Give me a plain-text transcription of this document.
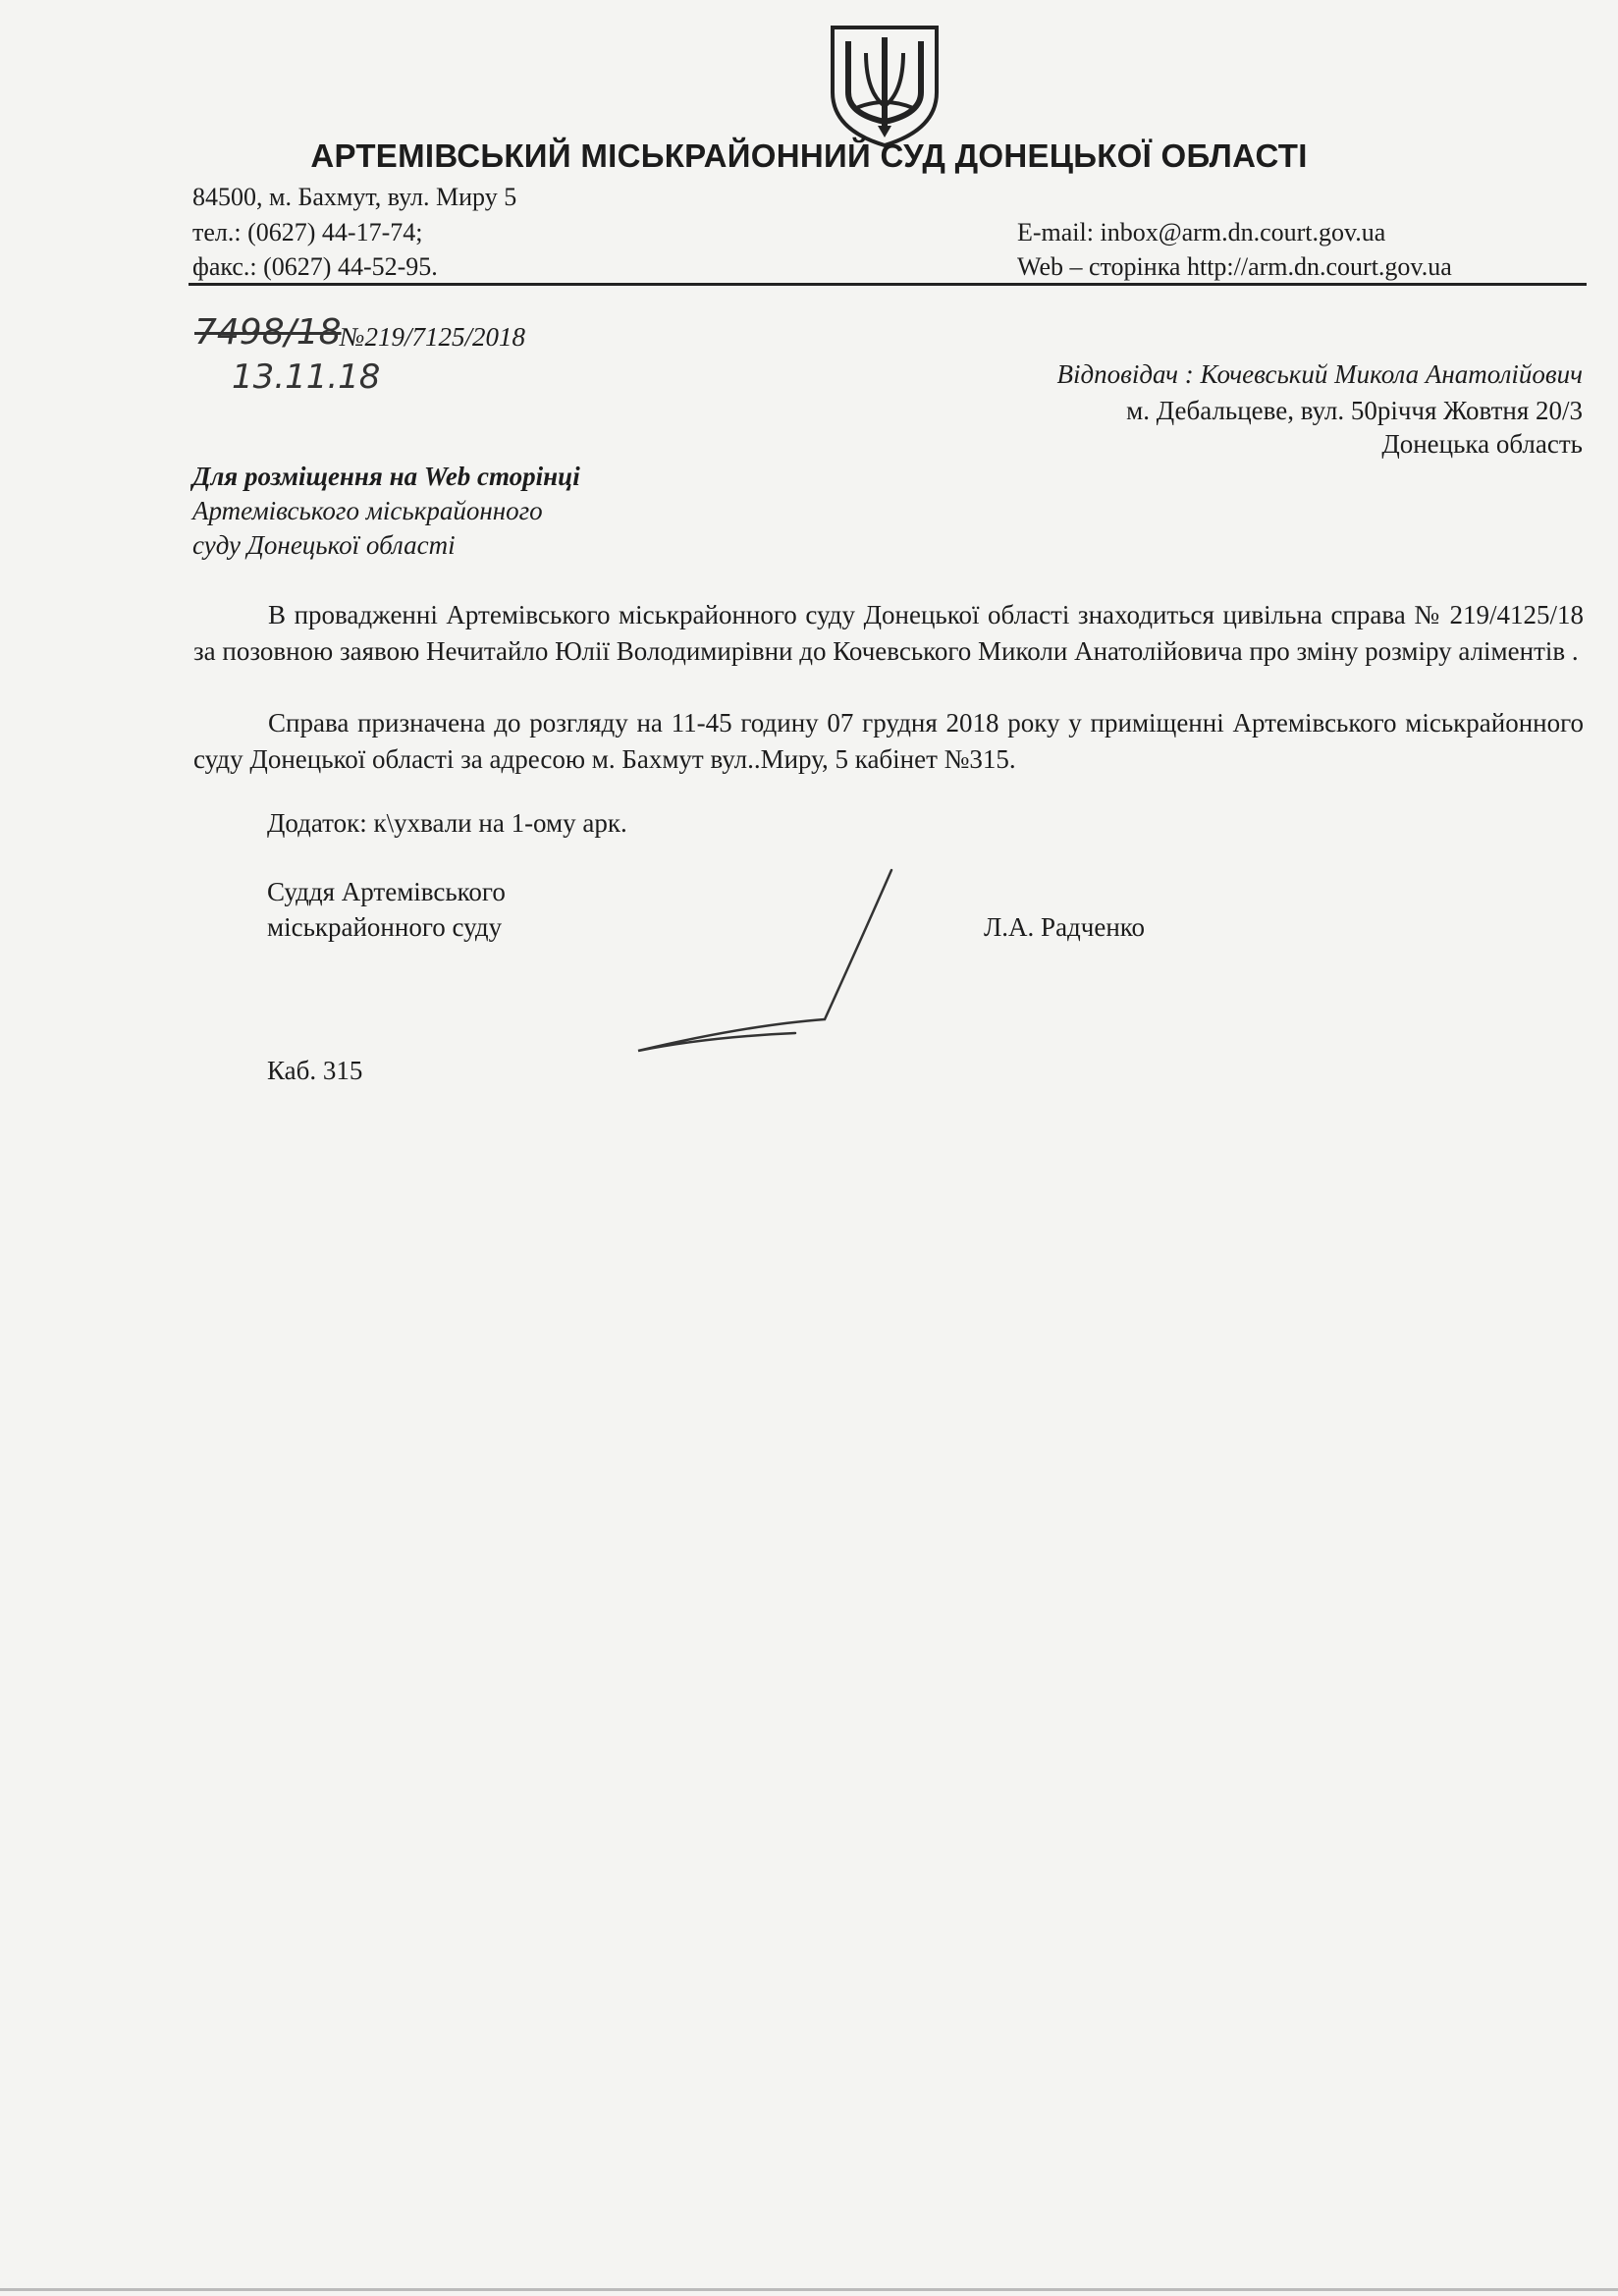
АРТЕМІВСЬКИЙ МІСЬКРАЙОННИЙ СУД ДОНЕЦЬКОЇ ОБЛАСТІ
84500, м. Бахмут, вул. Миру 5
тел.: (0627) 44-17-74;
факс.: (0627) 44-52-95.
E-mail: inbox@arm.dn.court.gov.ua
Web – сторінка http://arm.dn.court.gov.ua
7498/18
№219/7125/2018
13.11.18	Відповідач : Кочевський Микола Анатолійович
м. Дебальцеве, вул. 50річчя Жовтня 20/3
Донецька область
Для розміщення на Web сторінці
Артемівського міськрайонного
суду Донецької області

В провадженні Артемівського міськрайонного суду Донецької області знаходиться цивільна справа № 219/4125/18 за позовною заявою Нечитайло Юлії Володимирівни до Кочевського Миколи Анатолійовича про зміну розміру аліментів .

Справа призначена до розгляду на 11-45 годину 07 грудня 2018 року у приміщенні Артемівського міськрайонного суду Донецької області за адресою м. Бахмут вул..Миру, 5 кабінет №315.

Додаток: к\ухвали на 1-ому арк.
Суддя Артемівського
міськрайонного суду	Л.А. Радченко
Каб. 315
